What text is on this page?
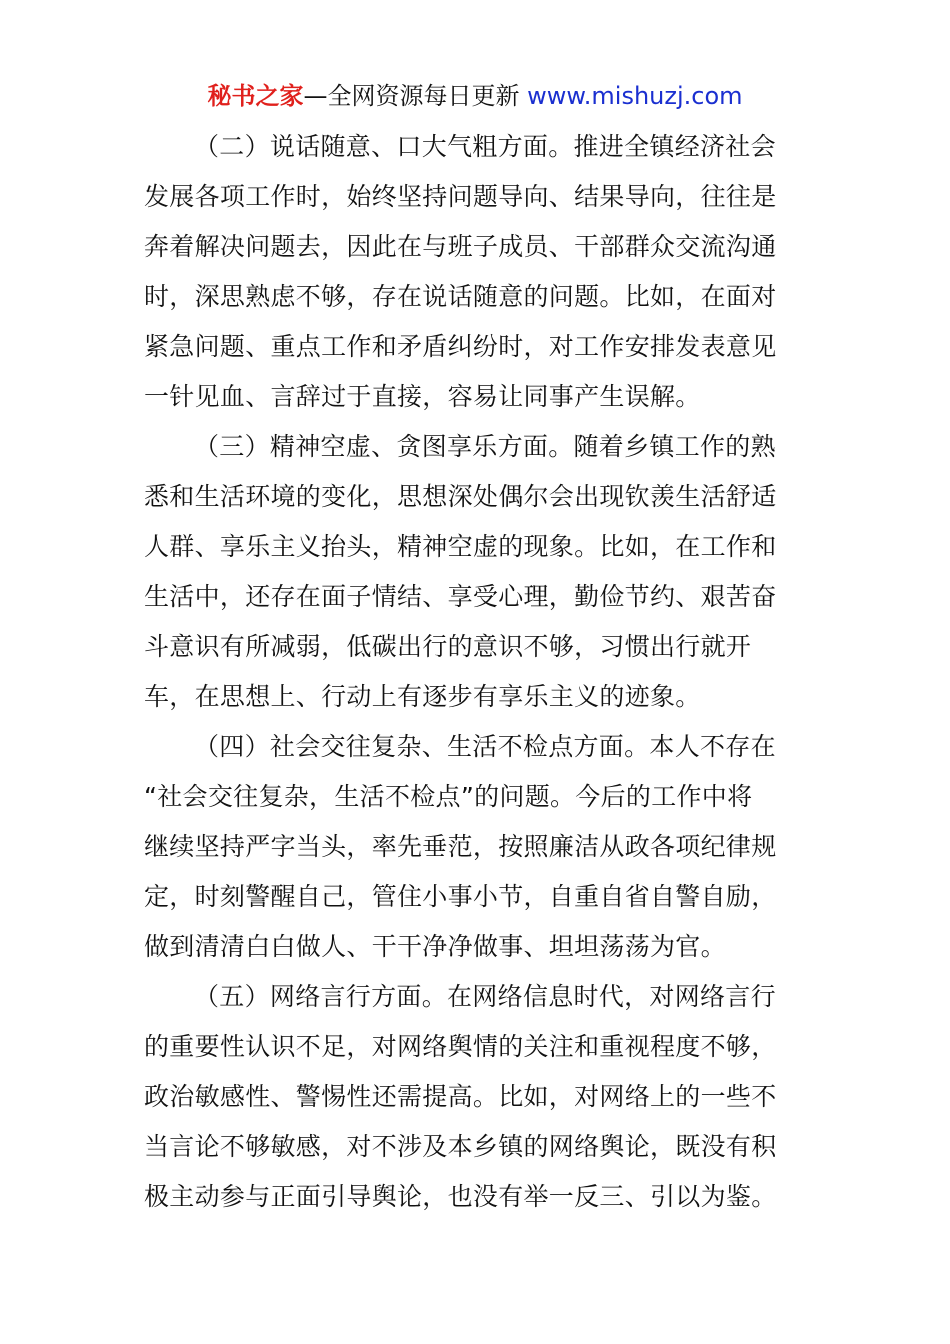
秘书之家—全网资源每日更新 www.mishuzj.com
（二）说话随意、口大气粗方面。推进全镇经济社会
发展各项工作时，始终坚持问题导向、结果导向，往往是
奔着解决问题去，因此在与班子成员、干部群众交流沟通
时，深思熟虑不够，存在说话随意的问题。比如，在面对
紧急问题、重点工作和矛盾纠纷时，对工作安排发表意见
一针见血、言辞过于直接，容易让同事产生误解。
（三）精神空虚、贪图享乐方面。随着乡镇工作的熟
悉和生活环境的变化，思想深处偶尔会出现钦羡生活舒适
人群、享乐主义抬头，精神空虚的现象。比如，在工作和
生活中，还存在面子情结、享受心理，勤俭节约、艰苦奋
斗意识有所减弱，低碳出行的意识不够，习惯出行就开
车，在思想上、行动上有逐步有享乐主义的迹象。
（四）社会交往复杂、生活不检点方面。本人不存在
“社会交往复杂，生活不检点”的问题。今后的工作中将
继续坚持严字当头，率先垂范，按照廉洁从政各项纪律规
定，时刻警醒自己，管住小事小节，自重自省自警自励，
做到清清白白做人、干干净净做事、坦坦荡荡为官。
（五）网络言行方面。在网络信息时代，对网络言行
的重要性认识不足，对网络舆情的关注和重视程度不够，
政治敏感性、警惕性还需提高。比如，对网络上的一些不
当言论不够敏感，对不涉及本乡镇的网络舆论，既没有积
极主动参与正面引导舆论，也没有举一反三、引以为鉴。
